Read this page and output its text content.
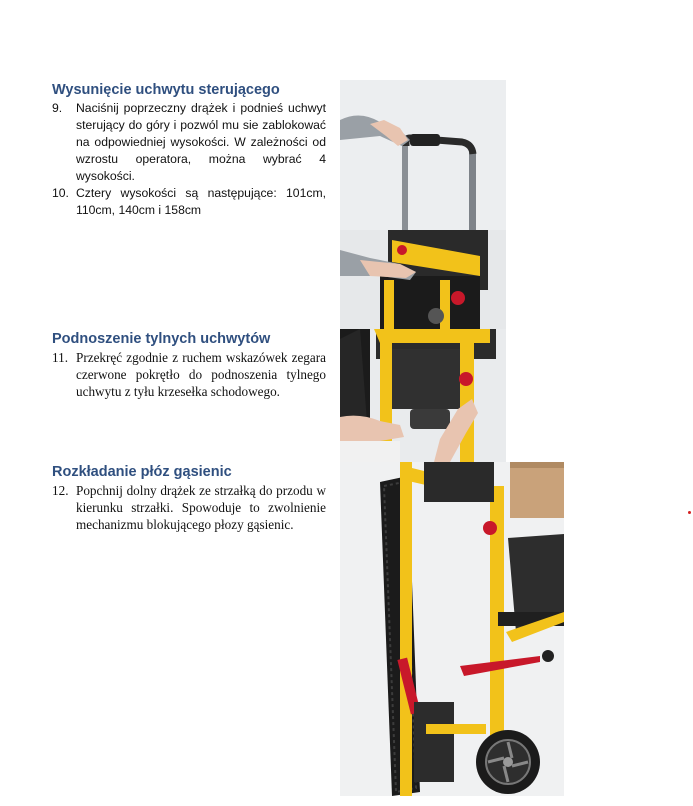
Wysunięcie uchwytu sterującego
9.	Naciśnij poprzeczny drążek i podnieś uchwyt sterujący do góry i pozwól mu sie zablokować na odpowiedniej wysokości. W zależności od wzrostu operatora, można wybrać 4 wysokości.
10. Cztery wysokości są następujące: 101cm, 110cm, 140cm i 158cm
Podnoszenie tylnych uchwytów
11. Przekręć zgodnie z ruchem wskazówek zegara czerwone pokrętło do podnoszenia tylnego uchwytu z tyłu krzesełka schodowego.
Rozkładanie płóz gąsienic
12. Popchnij dolny drążek ze strzałką do przodu w kierunku strzałki. Spowoduje to zwolnienie mechanizmu blokującego płozy gąsienic.
